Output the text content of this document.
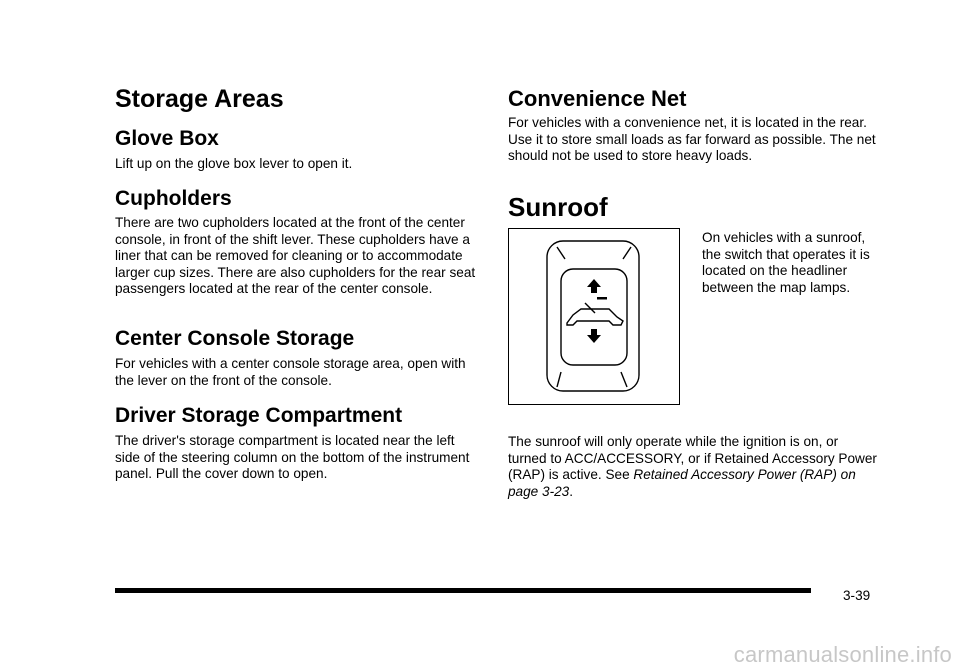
Storage Areas
Glove Box

Lift up on the glove box lever to open it.

Cupholders

There are two cupholders located at the front of the center console, in front of the shift lever. These cupholders have a liner that can be removed for cleaning or to accommodate larger cup sizes. There are also cupholders for the rear seat passengers located at the rear of the center console.

Center Console Storage

For vehicles with a center console storage area, open with the lever on the front of the console.

Driver Storage Compartment

The driver's storage compartment is located near the left side of the steering column on the bottom of the instrument panel. Pull the cover down to open.

Convenience Net

For vehicles with a convenience net, it is located in the rear. Use it to store small loads as far forward as possible. The net should not be used to store heavy loads.

Sunroof

On vehicles with a sunroof, the switch that operates it is located on the headliner between the map lamps.

The sunroof will only operate while the ignition is on, or turned to ACC/ACCESSORY, or if Retained Accessory Power (RAP) is active. See Retained Accessory Power (RAP) on page 3-23.

3-39
carmanualsonline.info
